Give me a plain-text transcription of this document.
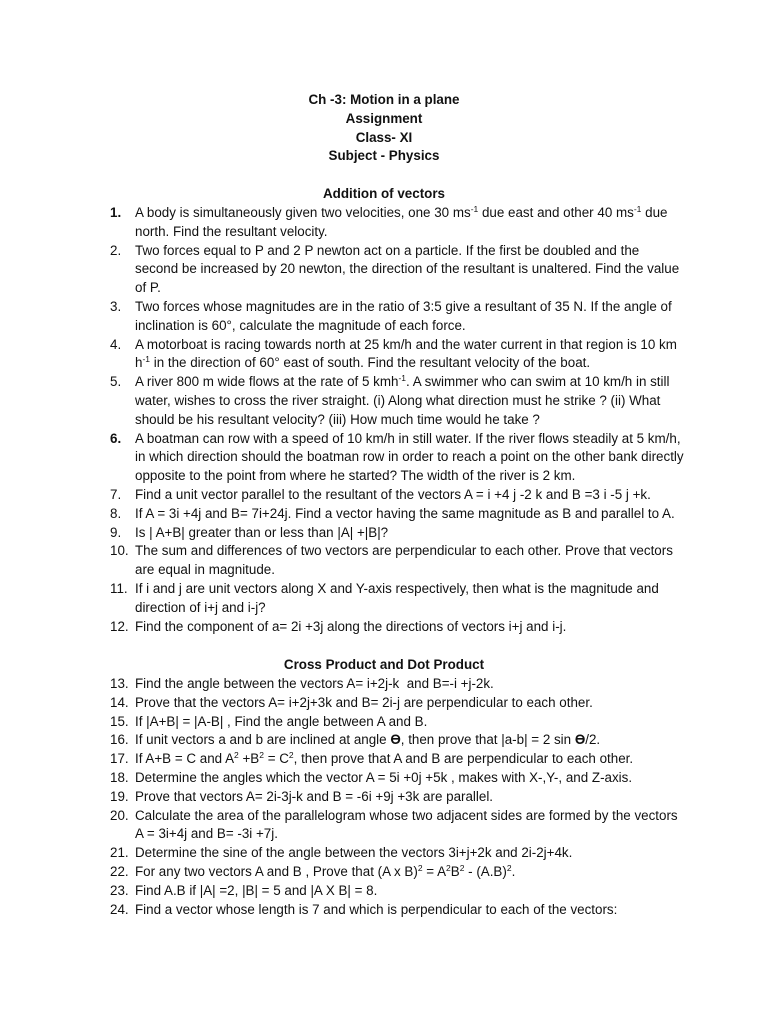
Ch -3: Motion in a plane
Assignment
Class- XI
Subject - Physics
Addition of vectors
1.	A body is simultaneously given two velocities, one 30 $ms^{-1}$ due east and other 40 $ms^{-1}$ due north. Find the resultant velocity.
2.	Two forces equal to P and 2 P newton act on a particle. If the first be doubled and the second be increased by 20 newton, the direction of the resultant is unaltered. Find the value of P.
3.	Two forces whose magnitudes are in the ratio of 3:5 give a resultant of 35 N. If the angle of inclination is 60°, calculate the magnitude of each force.
4.	A motorboat is racing towards north at 25 km/h and the water current in that region is 10 km $h^{-1}$ in the direction of 60° east of south. Find the resultant velocity of the boat.
5.	A river 800 m wide flows at the rate of 5 kmh$^{-1}$. A swimmer who can swim at 10 km/h in still water, wishes to cross the river straight. (i) Along what direction must he strike ? (ii) What should be his resultant velocity? (iii) How much time would he take ?
6.	A boatman can row with a speed of 10 km/h in still water. If the river flows steadily at 5 km/h, in which direction should the boatman row in order to reach a point on the other bank directly opposite to the point from where he started? The width of the river is 2 km.
7.	Find a unit vector parallel to the resultant of the vectors A = i +4 j -2 k and B =3 i -5 j +k.
8.	If A = 3i +4j and B= 7i+24j. Find a vector having the same magnitude as B and parallel to A.
9.	Is | A+B| greater than or less than |A| +|B|?
10. The sum and differences of two vectors are perpendicular to each other. Prove that vectors are equal in magnitude.
11. If i and j are unit vectors along X and Y-axis respectively, then what is the magnitude and direction of i+j and i-j?
12. Find the component of a= 2i +3j along the directions of vectors i+j and i-j.
Cross Product and Dot Product
13. Find the angle between the vectors A= i+2j-k  and B=-i +j-2k.
14. Prove that the vectors A= i+2j+3k and B= 2i-j are perpendicular to each other.
15. If |A+B| = |A-B| , Find the angle between A and B.
16. If unit vectors a and b are inclined at angle ϴ, then prove that |a-b| = 2 sin ϴ/2.
17. If A+B = C and $A^2 +B^2 = C^2$, then prove that A and B are perpendicular to each other.
18. Determine the angles which the vector A = 5i +0j +5k , makes with X-,Y-, and Z-axis.
19. Prove that vectors A= 2i-3j-k and B = -6i +9j +3k are parallel.
20. Calculate the area of the parallelogram whose two adjacent sides are formed by the vectors A = 3i+4j and B= -3i +7j.
21. Determine the sine of the angle between the vectors 3i+j+2k and 2i-2j+4k.
22. For any two vectors A and B , Prove that (A x $B)^2 = A^2B^2 - (A.B)^2$.
23. Find A.B if |A| =2, |B| = 5 and |A X B| = 8.
24. Find a vector whose length is 7 and which is perpendicular to each of the vectors:
